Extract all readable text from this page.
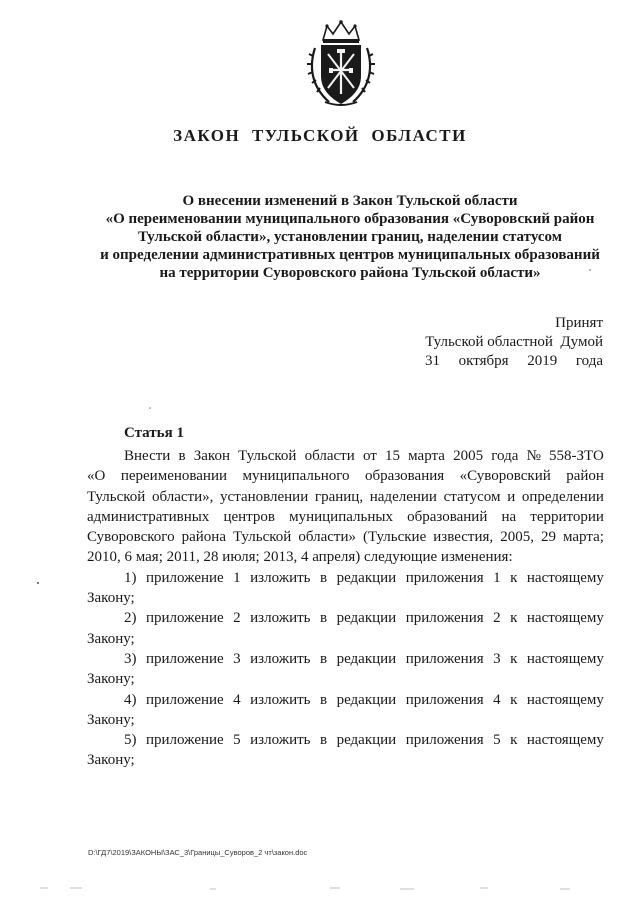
ЗАКОН ТУЛЬСКОЙ ОБЛАСТИ
О внесении изменений в Закон Тульской области
«О переименовании муниципального образования «Суворовский район
Тульской области», установлении границ, наделении статусом
и определении административных центров муниципальных образований
на территории Суворовского района Тульской области»
Принят
Тульской областной  Думой
31 октября 2019 года
Статья 1
Внести в Закон Тульской области от 15 марта 2005 года № 558-ЗТО
«О переименовании муниципального образования «Суворовский район
Тульской области», установлении границ, наделении статусом и определении
административных центров муниципальных образований на территории
Суворовского района Тульской области» (Тульские известия, 2005, 29 марта;
2010, 6 мая; 2011, 28 июля; 2013, 4 апреля) следующие изменения:
1) приложение 1 изложить в редакции приложения 1 к настоящему
Закону;
2) приложение 2 изложить в редакции приложения 2 к настоящему
Закону;
3) приложение 3 изложить в редакции приложения 3 к настоящему
Закону;
4) приложение 4 изложить в редакции приложения 4 к настоящему
Закону;
5) приложение 5 изложить в редакции приложения 5 к настоящему
Закону;
D:\ГД7\2019\ЗАКОНЫ\ЗАС_3\Границы_Суворов_2 чт\закон.doc
